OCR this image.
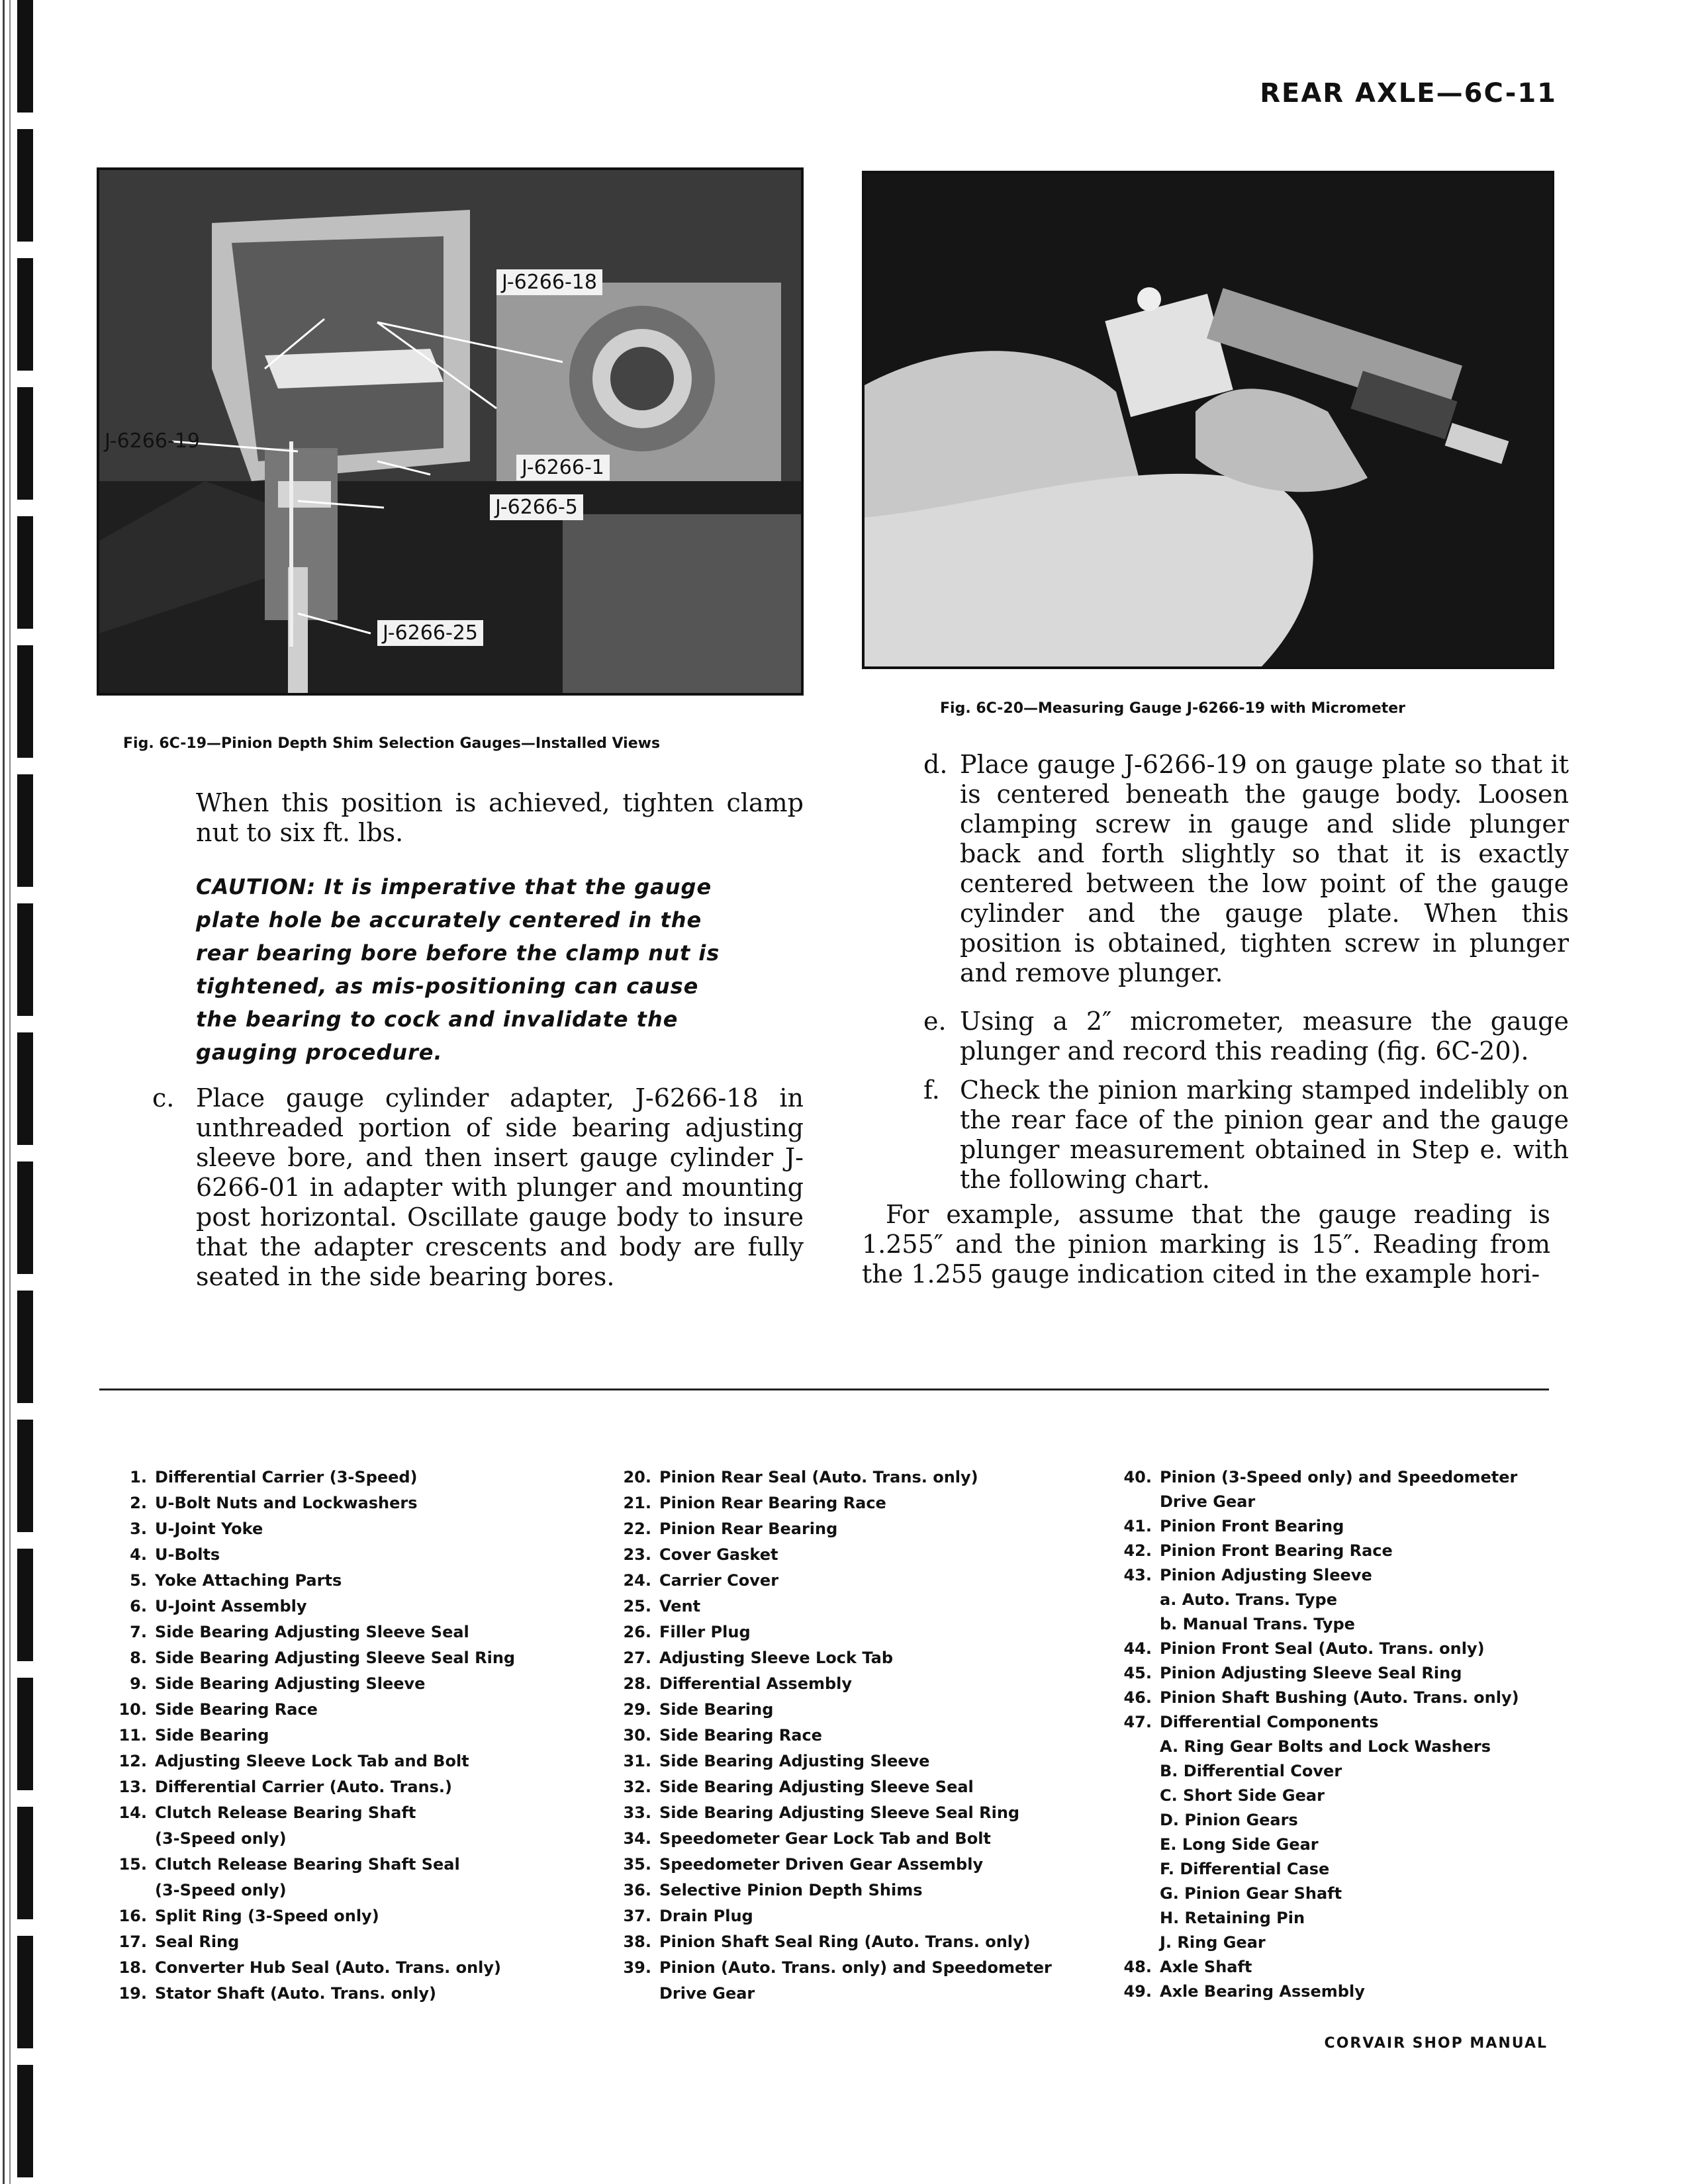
REAR AXLE—6C-11
J-6266-18
J-6266-19
J-6266-1
J-6266-5
J-6266-25
Fig. 6C-19—Pinion Depth Shim Selection Gauges—Installed Views
Fig. 6C-20—Measuring Gauge J-6266-19 with Micrometer
When this position is achieved, tighten clamp nut to six ft. lbs.
CAUTION: It is imperative that the gauge plate hole be accurately centered in the rear bearing bore before the clamp nut is tightened, as mis-positioning can cause the bearing to cock and invalidate the gauging procedure.
c. Place gauge cylinder adapter, J-6266-18 in unthreaded portion of side bearing adjusting sleeve bore, and then insert gauge cylinder J-6266-01 in adapter with plunger and mounting post horizontal. Oscillate gauge body to insure that the adapter crescents and body are fully seated in the side bearing bores.
d. Place gauge J-6266-19 on gauge plate so that it is centered beneath the gauge body. Loosen clamping screw in gauge and slide plunger back and forth slightly so that it is exactly centered between the low point of the gauge cylinder and the gauge plate. When this position is obtained, tighten screw in plunger and remove plunger.
e. Using a 2″ micrometer, measure the gauge plunger and record this reading (fig. 6C-20).
f. Check the pinion marking stamped indelibly on the rear face of the pinion gear and the gauge plunger measurement obtained in Step e. with the following chart.
For example, assume that the gauge reading is 1.255″ and the pinion marking is 15″. Reading from the 1.255 gauge indication cited in the example hori-
1. Differential Carrier (3-Speed)
2. U-Bolt Nuts and Lockwashers
3. U-Joint Yoke
4. U-Bolts
5. Yoke Attaching Parts
6. U-Joint Assembly
7. Side Bearing Adjusting Sleeve Seal
8. Side Bearing Adjusting Sleeve Seal Ring
9. Side Bearing Adjusting Sleeve
10. Side Bearing Race
11. Side Bearing
12. Adjusting Sleeve Lock Tab and Bolt
13. Differential Carrier (Auto. Trans.)
14. Clutch Release Bearing Shaft
(3-Speed only)
15. Clutch Release Bearing Shaft Seal
(3-Speed only)
16. Split Ring (3-Speed only)
17. Seal Ring
18. Converter Hub Seal (Auto. Trans. only)
19. Stator Shaft (Auto. Trans. only)
20. Pinion Rear Seal (Auto. Trans. only)
21. Pinion Rear Bearing Race
22. Pinion Rear Bearing
23. Cover Gasket
24. Carrier Cover
25. Vent
26. Filler Plug
27. Adjusting Sleeve Lock Tab
28. Differential Assembly
29. Side Bearing
30. Side Bearing Race
31. Side Bearing Adjusting Sleeve
32. Side Bearing Adjusting Sleeve Seal
33. Side Bearing Adjusting Sleeve Seal Ring
34. Speedometer Gear Lock Tab and Bolt
35. Speedometer Driven Gear Assembly
36. Selective Pinion Depth Shims
37. Drain Plug
38. Pinion Shaft Seal Ring (Auto. Trans. only)
39. Pinion (Auto. Trans. only) and Speedometer
Drive Gear
40. Pinion (3-Speed only) and Speedometer
Drive Gear
41. Pinion Front Bearing
42. Pinion Front Bearing Race
43. Pinion Adjusting Sleeve
a. Auto. Trans. Type
b. Manual Trans. Type
44. Pinion Front Seal (Auto. Trans. only)
45. Pinion Adjusting Sleeve Seal Ring
46. Pinion Shaft Bushing (Auto. Trans. only)
47. Differential Components
A. Ring Gear Bolts and Lock Washers
B. Differential Cover
C. Short Side Gear
D. Pinion Gears
E. Long Side Gear
F. Differential Case
G. Pinion Gear Shaft
H. Retaining Pin
J. Ring Gear
48. Axle Shaft
49. Axle Bearing Assembly
CORVAIR SHOP MANUAL
